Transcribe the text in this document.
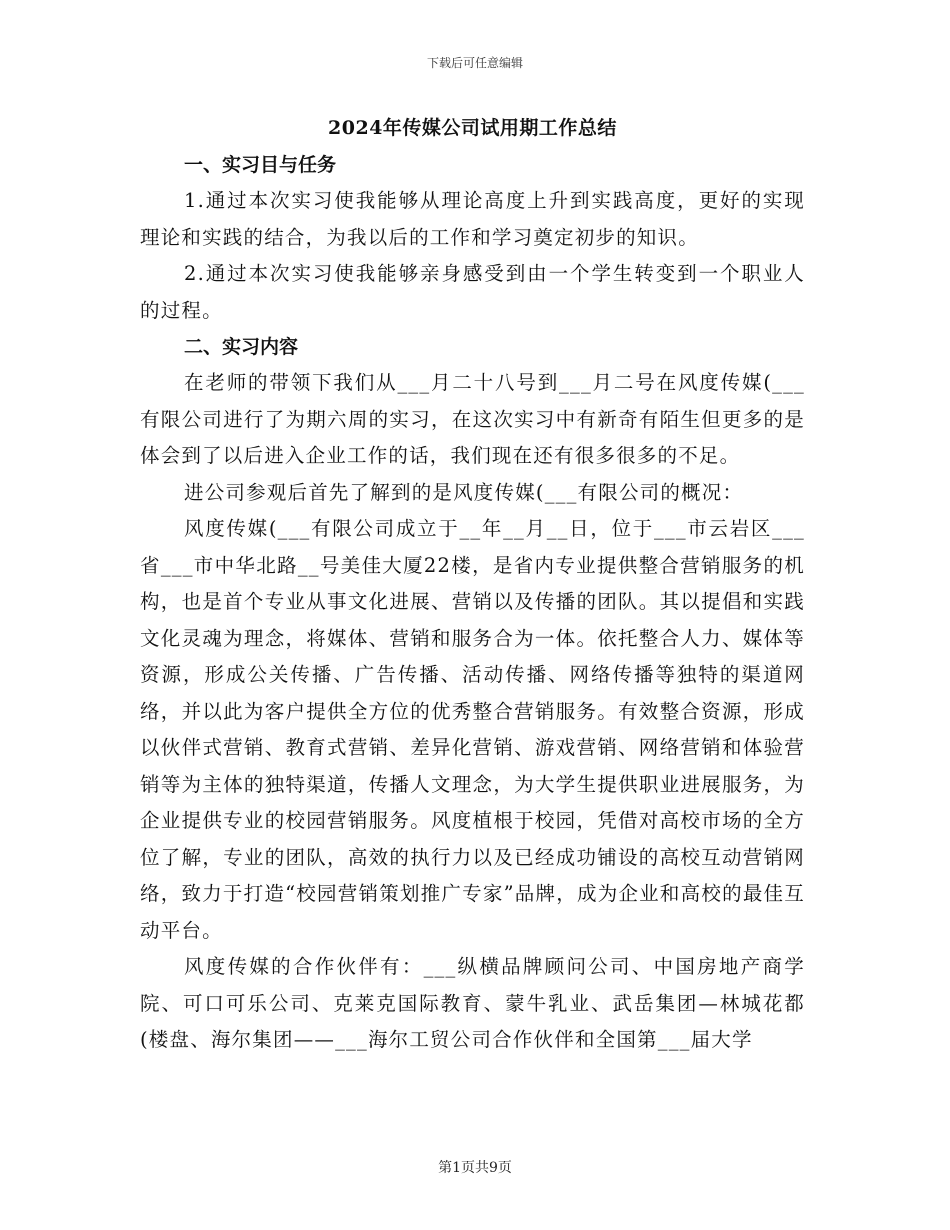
下载后可任意编辑
2024年传媒公司试用期工作总结

一、实习目与任务

1.通过本次实习使我能够从理论高度上升到实践高度，更好的实现理论和实践的结合，为我以后的工作和学习奠定初步的知识。

2.通过本次实习使我能够亲身感受到由一个学生转变到一个职业人的过程。

二、实习内容

在老师的带领下我们从___月二十八号到___月二号在风度传媒(___有限公司进行了为期六周的实习，在这次实习中有新奇有陌生但更多的是体会到了以后进入企业工作的话，我们现在还有很多很多的不足。

进公司参观后首先了解到的是风度传媒(___有限公司的概况：

风度传媒(___有限公司成立于__年__月__日，位于___市云岩区___省___市中华北路__号美佳大厦22楼，是省内专业提供整合营销服务的机构，也是首个专业从事文化进展、营销以及传播的团队。其以提倡和实践文化灵魂为理念，将媒体、营销和服务合为一体。依托整合人力、媒体等资源，形成公关传播、广告传播、活动传播、网络传播等独特的渠道网络，并以此为客户提供全方位的优秀整合营销服务。有效整合资源，形成以伙伴式营销、教育式营销、差异化营销、游戏营销、网络营销和体验营销等为主体的独特渠道，传播人文理念，为大学生提供职业进展服务，为企业提供专业的校园营销服务。风度植根于校园，凭借对高校市场的全方位了解，专业的团队，高效的执行力以及已经成功铺设的高校互动营销网络，致力于打造“校园营销策划推广专家”品牌，成为企业和高校的最佳互动平台。

风度传媒的合作伙伴有：___纵横品牌顾问公司、中国房地产商学院、可口可乐公司、克莱克国际教育、蒙牛乳业、武岳集团—林城花都(楼盘、海尔集团——___海尔工贸公司合作伙伴和全国第___届大学

第1页共9页
